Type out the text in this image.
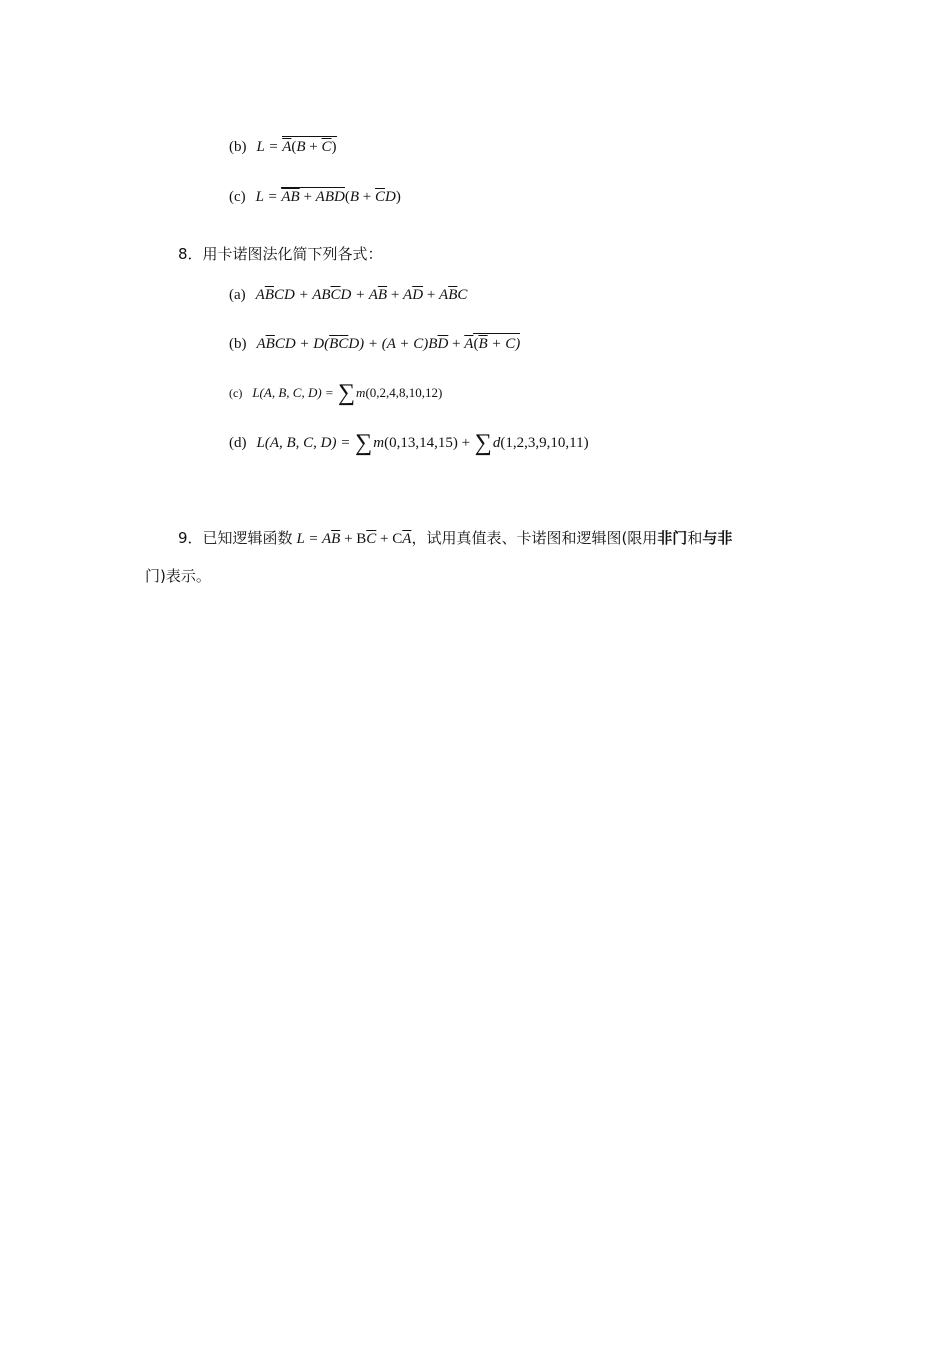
(b) $L = \overline{A}(B + \overline{C})$
(c) $L = \overline{AB} + ABD(B + \overline{C}D)$
8．用卡诺图法化简下列各式：
(a) $A\overline{B}CD + AB\overline{C}D + A\overline{B} + A\overline{D} + A\overline{B}C$
(b) $A\overline{B}CD + D(\overline{B}\overline{C}D) + (A + C)B\overline{D} + \overline{A}(\overline{B} + C)$
(c) L(A, B, C, D) = ∑m(0,2,4,8,10,12)
(d) L(A, B, C, D) = ∑m(0,13,14,15) + ∑d(1,2,3,9,10,11)
9．已知逻辑函数 $L = A\overline{B} + B\overline{C} + C\overline{A}$，试用真值表、卡诺图和逻辑图(限用非门和与非
门)表示。
